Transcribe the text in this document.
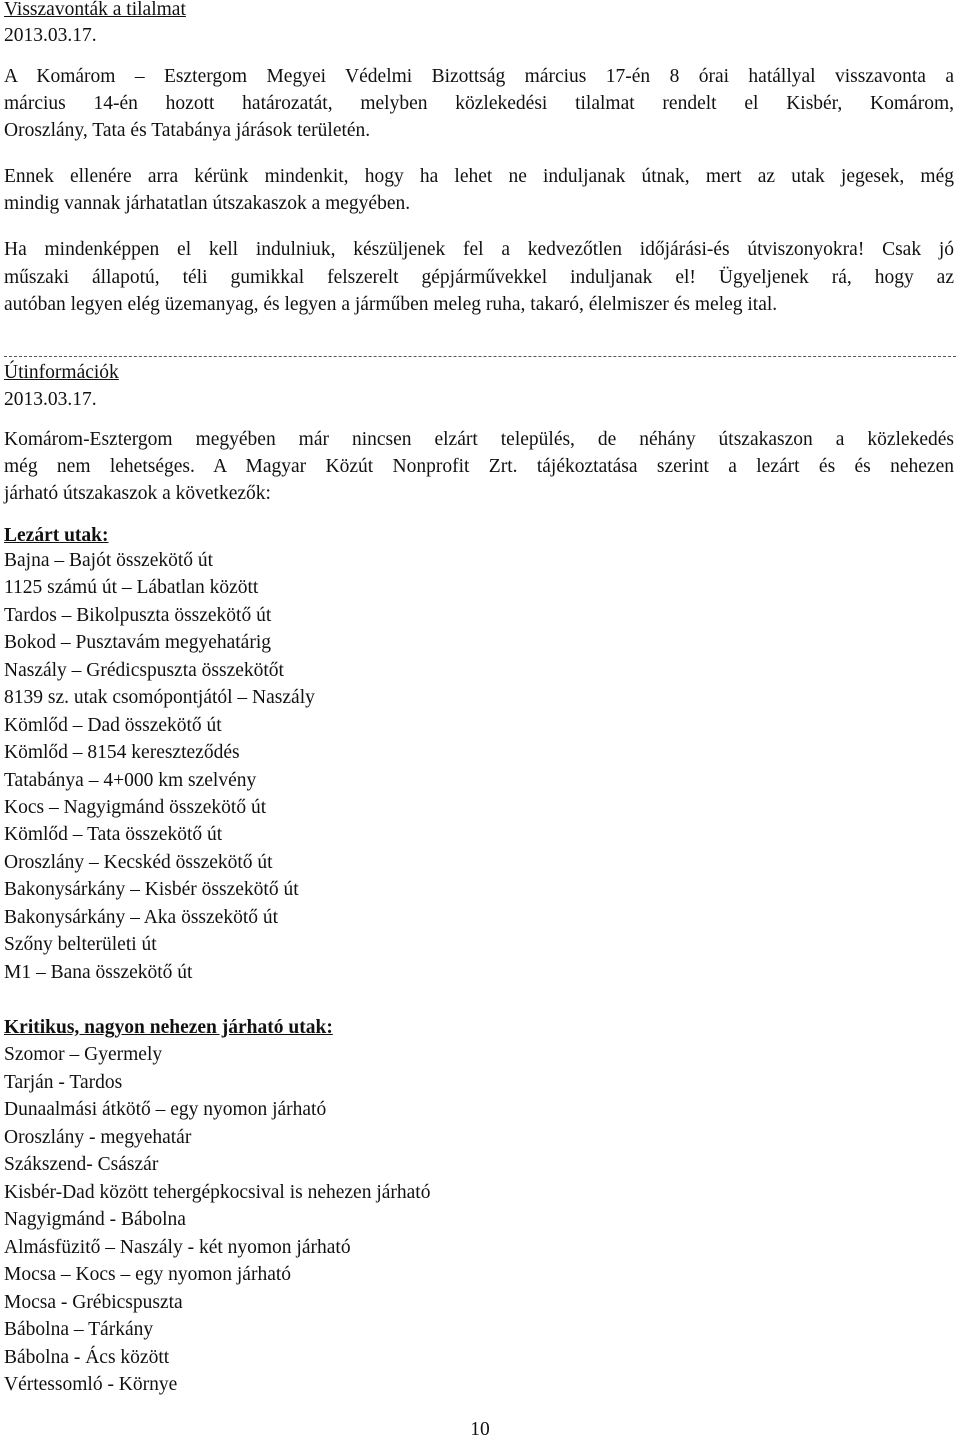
Visszavonták a tilalmat
2013.03.17.
A Komárom – Esztergom Megyei Védelmi Bizottság március 17-én 8 órai hatállyal visszavonta a
március 14-én hozott határozatát, melyben közlekedési tilalmat rendelt el Kisbér, Komárom,
Oroszlány, Tata és Tatabánya járások területén.
Ennek ellenére arra kérünk mindenkit, hogy ha lehet ne induljanak útnak, mert az utak jegesek, még
mindig vannak járhatatlan útszakaszok a megyében.
Ha mindenképpen el kell indulniuk, készüljenek fel a kedvezőtlen időjárási-és útviszonyokra! Csak jó
műszaki állapotú, téli gumikkal felszerelt gépjárművekkel induljanak el! Ügyeljenek rá, hogy az
autóban legyen elég üzemanyag, és legyen a járműben meleg ruha, takaró, élelmiszer és meleg ital.
Útinformációk
2013.03.17.
Komárom-Esztergom megyében már nincsen elzárt település, de néhány útszakaszon a közlekedés
még nem lehetséges. A Magyar Közút Nonprofit Zrt. tájékoztatása szerint a lezárt és és nehezen
járható útszakaszok a következők:
Lezárt utak:
Bajna – Bajót összekötő út
1125 számú út – Lábatlan között
Tardos – Bikolpuszta összekötő út
Bokod – Pusztavám megyehatárig
Naszály – Grédicspuszta összekötőt
8139 sz. utak csomópontjától – Naszály
Kömlőd – Dad összekötő út
Kömlőd – 8154 kereszteződés
Tatabánya – 4+000 km szelvény
Kocs – Nagyigmánd összekötő út
Kömlőd – Tata összekötő út
Oroszlány – Kecskéd összekötő út
Bakonysárkány – Kisbér összekötő út
Bakonysárkány – Aka összekötő út
Szőny belterületi út
M1 – Bana összekötő út
Kritikus, nagyon nehezen járható utak:
Szomor – Gyermely
Tarján - Tardos
Dunaalmási átkötő – egy nyomon járható
Oroszlány - megyehatár
Szákszend- Császár
Kisbér-Dad között tehergépkocsival is nehezen járható
Nagyigmánd - Bábolna
Almásfüzitő – Naszály - két nyomon járható
Mocsa – Kocs – egy nyomon járható
Mocsa - Grébicspuszta
Bábolna – Tárkány
Bábolna - Ács között
Vértessomló - Környe
10
